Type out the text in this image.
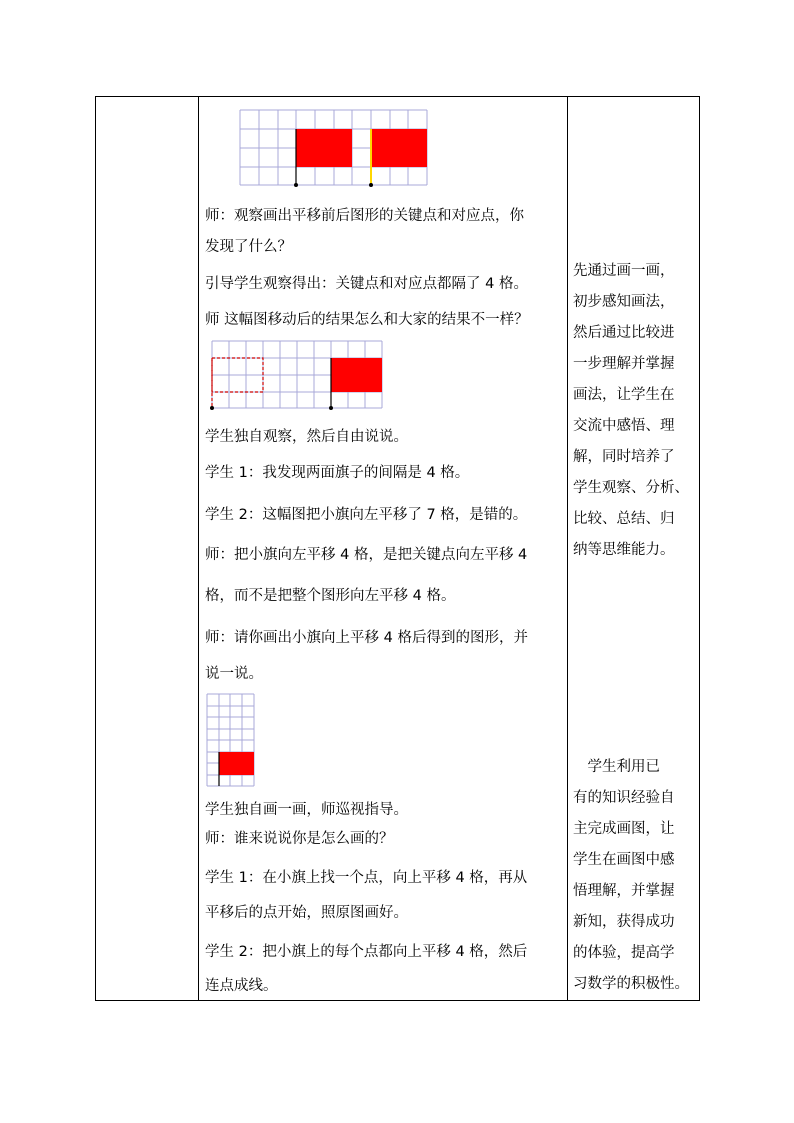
师：观察画出平移前后图形的关键点和对应点，你
发现了什么？
引导学生观察得出：关键点和对应点都隔了 4 格。
师 这幅图移动后的结果怎么和大家的结果不一样？
学生独自观察，然后自由说说。
学生 1：我发现两面旗子的间隔是 4 格。
学生 2：这幅图把小旗向左平移了 7 格，是错的。
师：把小旗向左平移 4 格，是把关键点向左平移 4
格，而不是把整个图形向左平移 4 格。
师：请你画出小旗向上平移 4 格后得到的图形，并
说一说。
学生独自画一画，师巡视指导。
师：谁来说说你是怎么画的？
学生 1：在小旗上找一个点，向上平移 4 格，再从
平移后的点开始，照原图画好。
学生 2：把小旗上的每个点都向上平移 4 格，然后
连点成线。
先通过画一画，
初步感知画法，
然后通过比较进
一步理解并掌握
画法，让学生在
交流中感悟、理
解，同时培养了
学生观察、分析、
比较、总结、归
纳等思维能力。
　学生利用已
有的知识经验自
主完成画图，让
学生在画图中感
悟理解，并掌握
新知，获得成功
的体验，提高学
习数学的积极性。
